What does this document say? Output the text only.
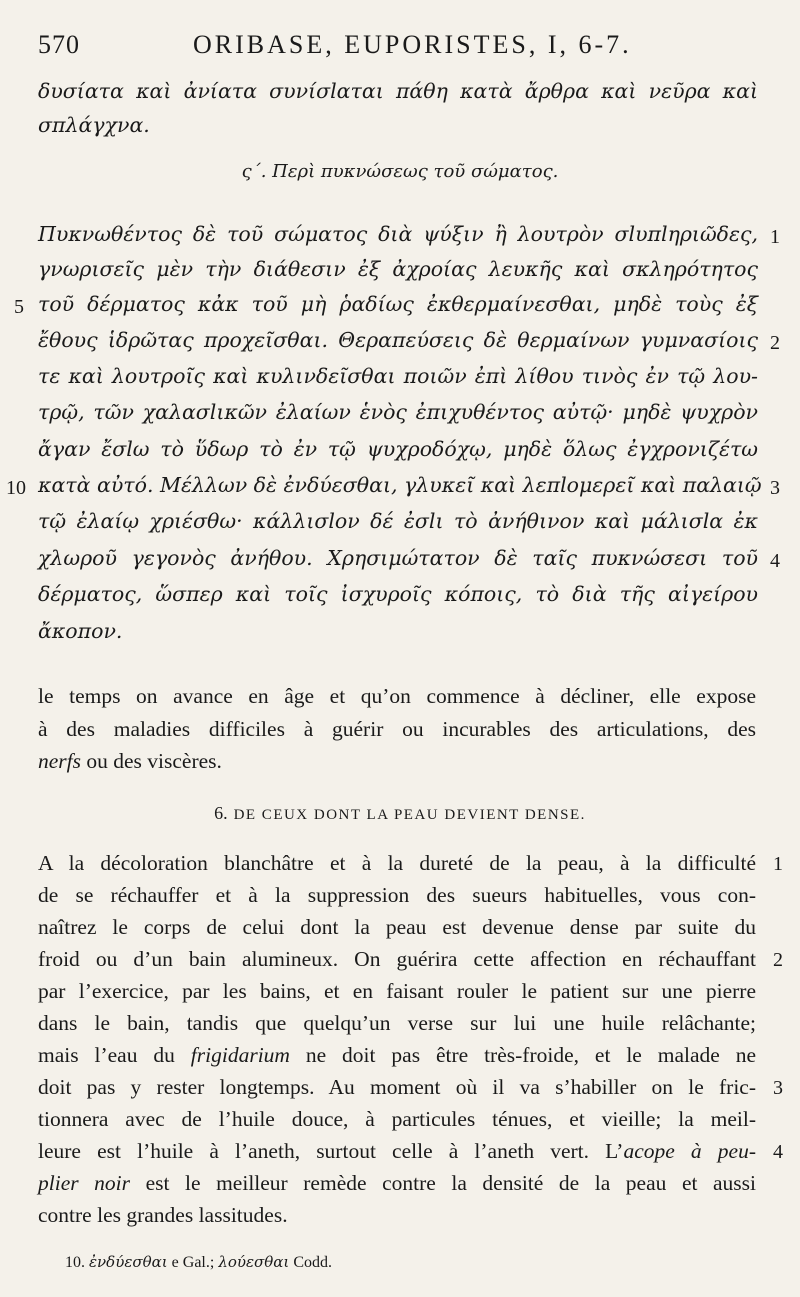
570	ORIBASE, EUPORISTES, I, 6-7.
δυσίατα καὶ ἀνίατα συνίσlαται πάθη κατὰ ἄρθρα καὶ νεῦρα καὶ
σπλάγχνα.
ς΄. Περὶ πυκνώσεως τοῦ σώματος.
Πυκνωθέντος δὲ τοῦ σώματος διὰ ψύξιν ἢ λουτρὸν σlυπlηριῶδες,
γνωρισεῖς μὲν τὴν διάθεσιν ἐξ ἀχροίας λευκῆς καὶ σκληρότητος
τοῦ δέρματος κἀκ τοῦ μὴ ῥαδίως ἐκθερμαίνεσθαι, μηδὲ τοὺς ἐξ
ἔθους ἱδρῶτας προχεῖσθαι. Θεραπεύσεις δὲ θερμαίνων γυμνασίοις
τε καὶ λουτροῖς καὶ κυλινδεῖσθαι ποιῶν ἐπὶ λίθου τινὸς ἐν τῷ λου-
τρῷ, τῶν χαλασlικῶν ἐλαίων ἑνὸς ἐπιχυθέντος αὐτῷ· μηδὲ ψυχρὸν
ἄγαν ἔσlω τὸ ὕδωρ τὸ ἐν τῷ ψυχροδόχῳ, μηδὲ ὅλως ἐγχρονιζέτω
κατὰ αὐτό. Μέλλων δὲ ἐνδύεσθαι, γλυκεῖ καὶ λεπlομερεῖ καὶ παλαιῷ
τῷ ἐλαίῳ χριέσθω· κάλλισlον δέ ἐσlι τὸ ἀνήθινον καὶ μάλισlα ἐκ
χλωροῦ γεγονὸς ἀνήθου. Χρησιμώτατον δὲ ταῖς πυκνώσεσι τοῦ
δέρματος, ὥσπερ καὶ τοῖς ἰσχυροῖς κόποις, τὸ διὰ τῆς αἰγείρου
ἄκοπον.
5
10
1
2
3
4
le temps on avance en âge et qu’on commence à décliner, elle expose
à des maladies difficiles à guérir ou incurables des articulations, des
nerfs ou des viscères.
6. DE CEUX DONT LA PEAU DEVIENT DENSE.
A la décoloration blanchâtre et à la dureté de la peau, à la difficulté
de se réchauffer et à la suppression des sueurs habituelles, vous con-
naîtrez le corps de celui dont la peau est devenue dense par suite du
froid ou d’un bain alumineux. On guérira cette affection en réchauffant
par l’exercice, par les bains, et en faisant rouler le patient sur une pierre
dans le bain, tandis que quelqu’un verse sur lui une huile relâchante;
mais l’eau du frigidarium ne doit pas être très-froide, et le malade ne
doit pas y rester longtemps. Au moment où il va s’habiller on le fric-
tionnera avec de l’huile douce, à particules ténues, et vieille; la meil-
leure est l’huile à l’aneth, surtout celle à l’aneth vert. L’acope à peu-
plier noir est le meilleur remède contre la densité de la peau et aussi
contre les grandes lassitudes.
1
2
3
4
10. ἐνδύεσθαι e Gal.; λούεσθαι Codd.
